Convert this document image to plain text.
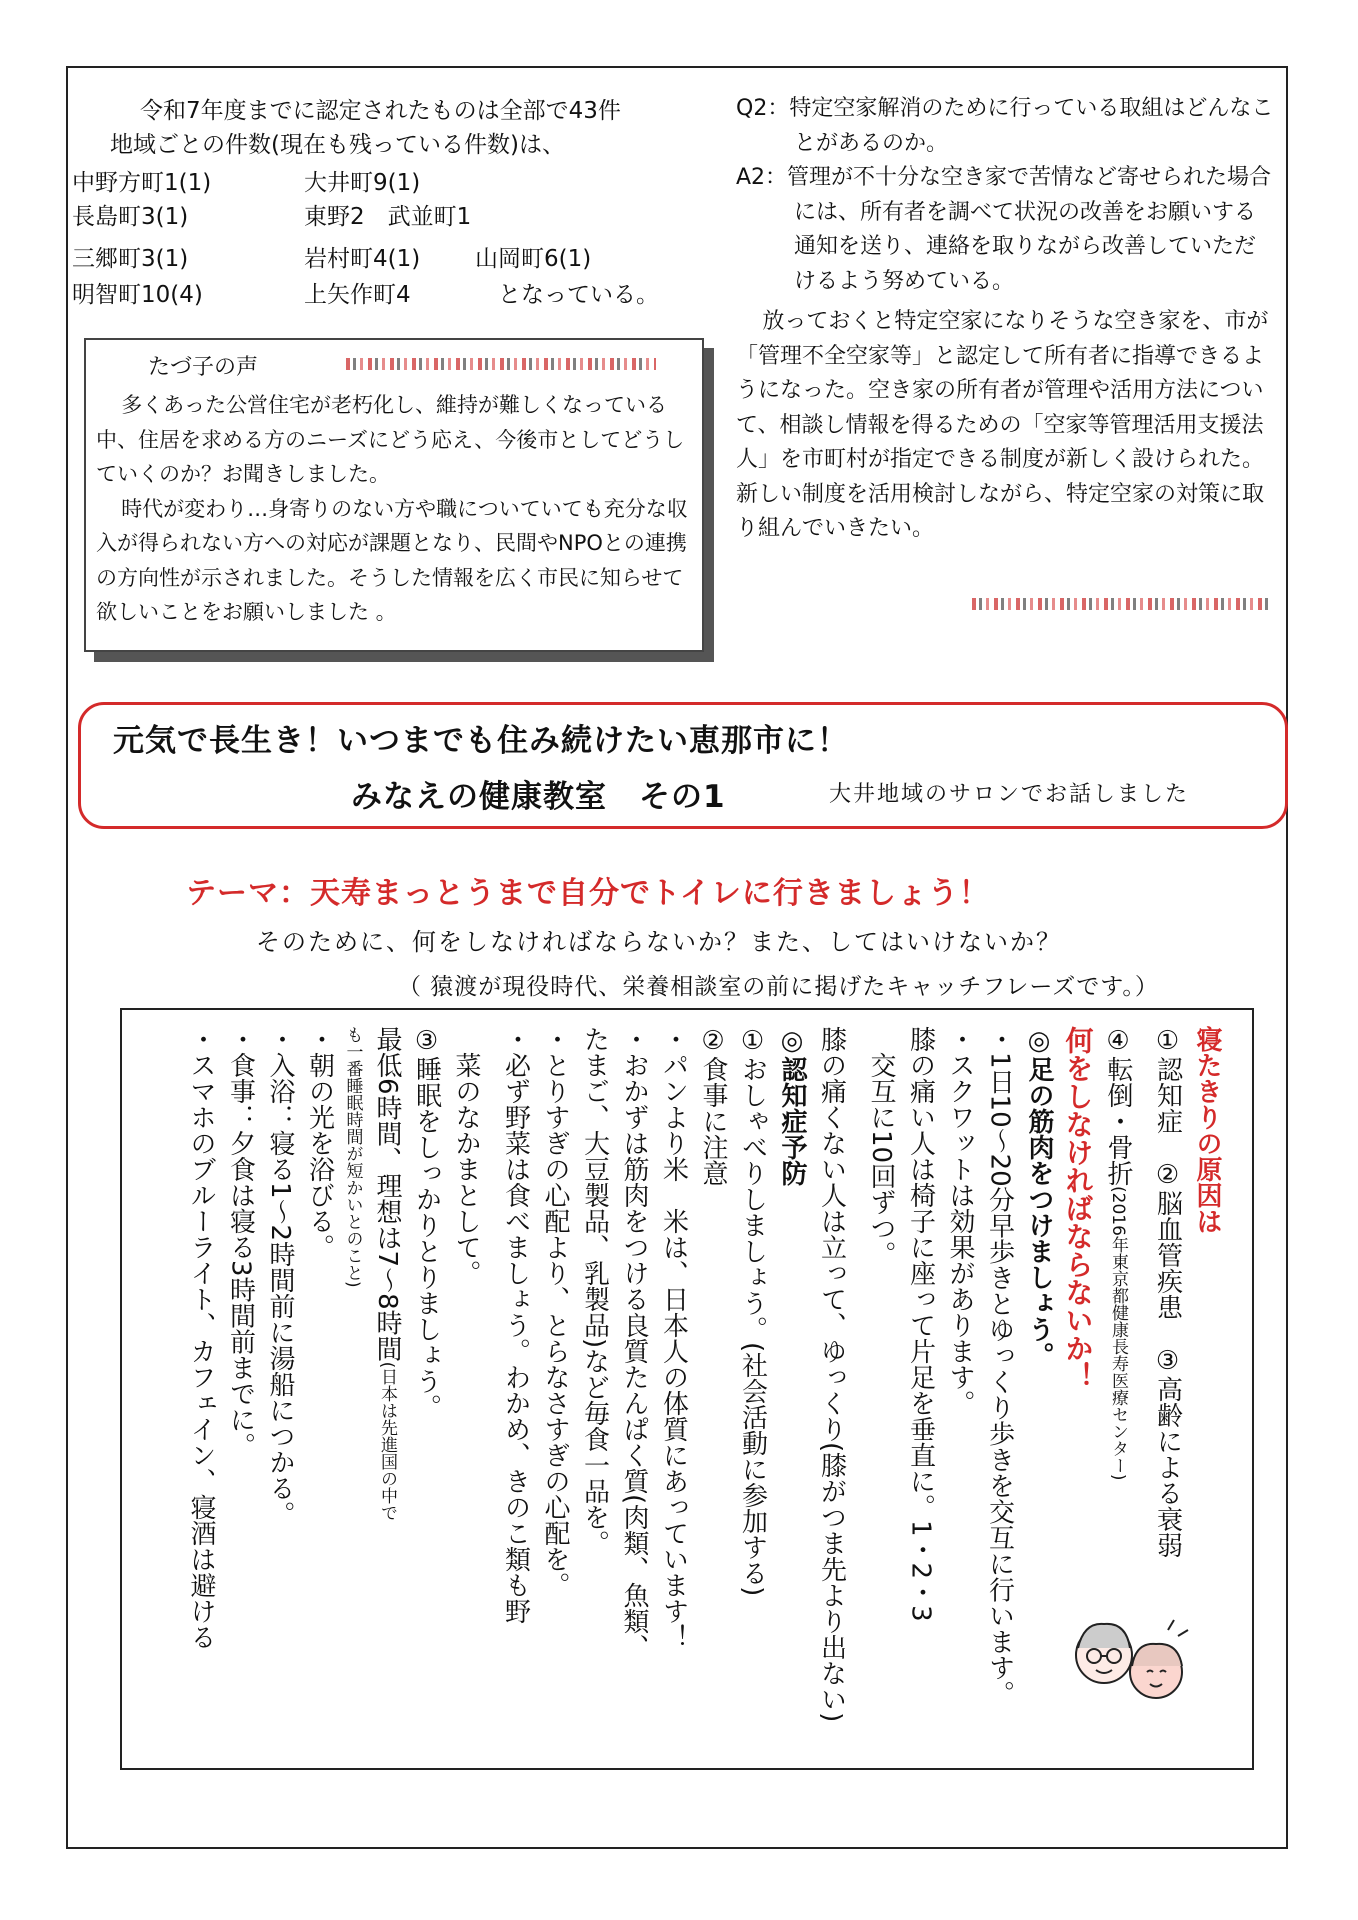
令和7年度までに認定されたものは全部で43件
地域ごとの件数(現在も残っている件数)は、
中野方町1(1)	大井町9(1)
長島町3(1)	東野2　武並町1
三郷町3(1)	岩村町4(1) 山岡町6(1)
明智町10(4)	上矢作町4	　となっている。
たづ子の声

多くあった公営住宅が老朽化し、維持が難しくなっている中、住居を求める方のニーズにどう応え、今後市としてどうしていくのか？お聞きしました。

時代が変わり…身寄りのない方や職についていても充分な収入が得られない方への対応が課題となり、民間やNPOとの連携の方向性が示されました。そうした情報を広く市民に知らせて欲しいことをお願いしました 。

Q2：特定空家解消のために行っている取組はどんなことがあるのか。

A2：管理が不十分な空き家で苦情など寄せられた場合には、所有者を調べて状況の改善をお願いする通知を送り、連絡を取りながら改善していただけるよう努めている。

放っておくと特定空家になりそうな空き家を、市が「管理不全空家等」と認定して所有者に指導できるようになった。空き家の所有者が管理や活用方法について、相談し情報を得るための「空家等管理活用支援法人」を市町村が指定できる制度が新しく設けられた。新しい制度を活用検討しながら、特定空家の対策に取り組んでいきたい。

元気で長生き！いつまでも住み続けたい恵那市に！
みなえの健康教室　その1	大井地域のサロンでお話しました
テーマ：天寿まっとうまで自分でトイレに行きましょう！
そのために、何をしなければならないか？また、してはいけないか？
（ 猿渡が現役時代、栄養相談室の前に掲げたキャッチフレーズです。）

寝たきりの原因は

①認知症　②脳血管疾患　③高齢による衰弱

④転倒・骨折(2016年東京都健康長寿医療センター)

何をしなければならないか！

◎足の筋肉をつけましょう。

・1日10～20分早歩きとゆっくり歩きを交互に行います。

・スクワットは効果があります。

膝の痛い人は椅子に座って片足を垂直に。1・2・3

　交互に10回ずつ。

膝の痛くない人は立って、ゆっくり(膝がつま先より出ない)

◎認知症予防

①おしゃべりしましょう。(社会活動に参加する)

②食事に注意

・パンより米　米は、日本人の体質にあっています！

・おかずは筋肉をつける良質たんぱく質(肉類、魚類、

たまご、大豆製品、乳製品)など毎食一品を。

・とりすぎの心配より、とらなさすぎの心配を。

・必ず野菜は食べましょう。わかめ、きのこ類も野

　菜のなかまとして。

③睡眠をしっかりとりましょう。

最低6時間、理想は7～8時間(日本は先進国の中で

も一番睡眠時間が短かいとのこと)

・朝の光を浴びる。

・入浴：寝る1～2時間前に湯船につかる。

・食事：夕食は寝る3時間前までに。

・スマホのブルーライト、カフェイン、寝酒は避ける
